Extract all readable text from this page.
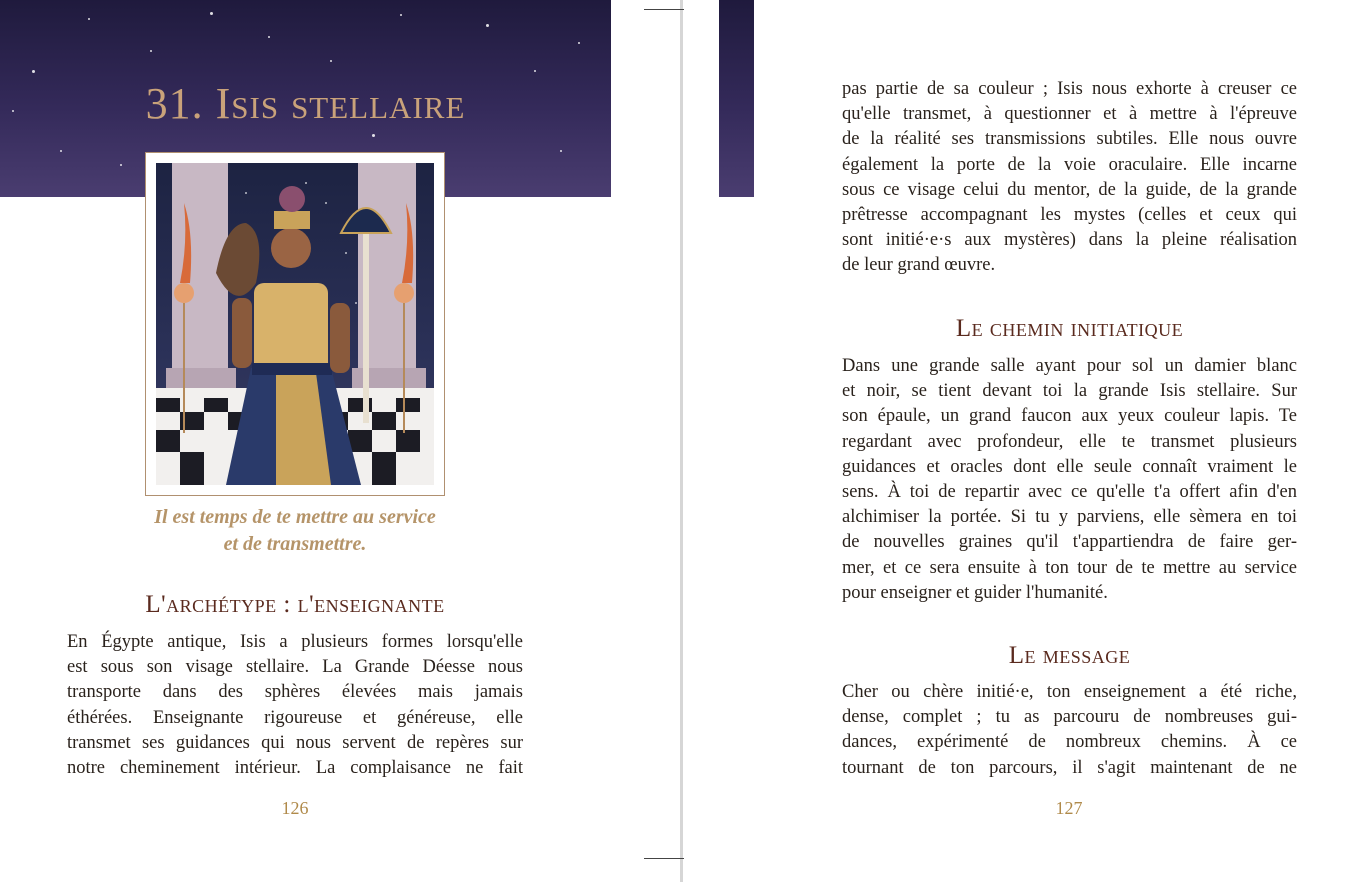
31. Isis stellaire
Il est temps de te mettre au service
et de transmettre.
L'archétype : l'enseignante
En Égypte antique, Isis a plusieurs formes lorsqu'elle
est sous son visage stellaire. La Grande Déesse nous
transporte dans des sphères élevées mais jamais
éthérées. Enseignante rigoureuse et généreuse, elle
transmet ses guidances qui nous servent de repères sur
notre cheminement intérieur. La complaisance ne fait
126
pas partie de sa couleur ; Isis nous exhorte à creuser ce
qu'elle transmet, à questionner et à mettre à l'épreuve
de la réalité ses transmissions subtiles. Elle nous ouvre
également la porte de la voie oraculaire. Elle incarne
sous ce visage celui du mentor, de la guide, de la grande
prêtresse accompagnant les mystes (celles et ceux qui
sont initié·e·s aux mystères) dans la pleine réalisation
de leur grand œuvre.
Le chemin initiatique
Dans une grande salle ayant pour sol un damier blanc
et noir, se tient devant toi la grande Isis stellaire. Sur
son épaule, un grand faucon aux yeux couleur lapis. Te
regardant avec profondeur, elle te transmet plusieurs
guidances et oracles dont elle seule connaît vraiment le
sens. À toi de repartir avec ce qu'elle t'a offert afin d'en
alchimiser la portée. Si tu y parviens, elle sèmera en toi
de nouvelles graines qu'il t'appartiendra de faire ger-
mer, et ce sera ensuite à ton tour de te mettre au service
pour enseigner et guider l'humanité.
Le message
Cher ou chère initié·e, ton enseignement a été riche,
dense, complet ; tu as parcouru de nombreuses gui-
dances, expérimenté de nombreux chemins. À ce
tournant de ton parcours, il s'agit maintenant de ne
127
